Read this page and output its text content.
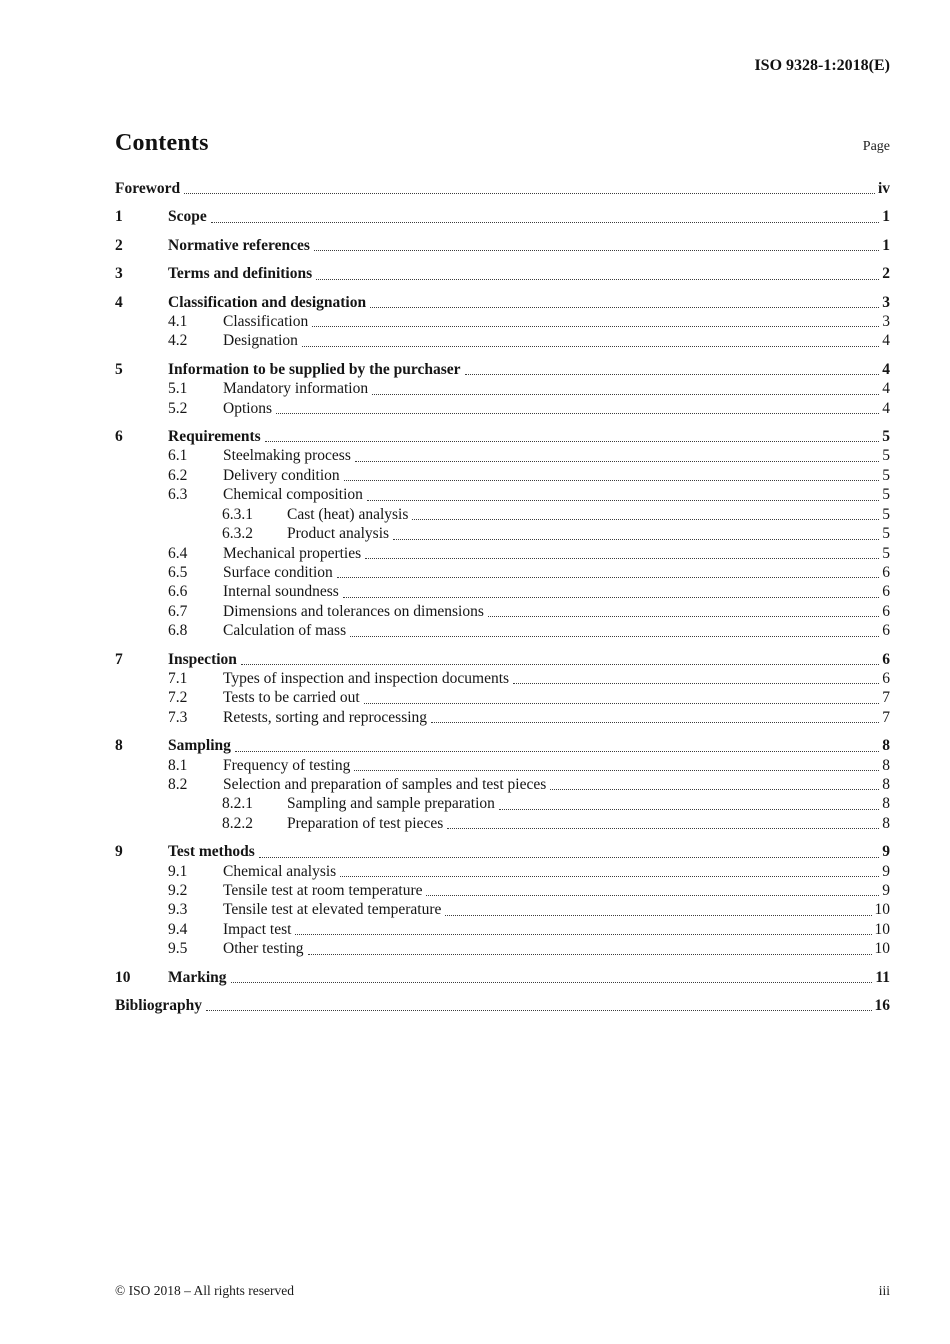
ISO 9328-1:2018(E)
Contents	Page
Foreword	iv
1	Scope	1
2	Normative references	1
3	Terms and definitions	2
4	Classification and designation	3
4.1	Classification	3
4.2	Designation	4
5	Information to be supplied by the purchaser	4
5.1	Mandatory information	4
5.2	Options	4
6	Requirements	5
6.1	Steelmaking process	5
6.2	Delivery condition	5
6.3	Chemical composition	5
6.3.1	Cast (heat) analysis	5
6.3.2	Product analysis	5
6.4	Mechanical properties	5
6.5	Surface condition	6
6.6	Internal soundness	6
6.7	Dimensions and tolerances on dimensions	6
6.8	Calculation of mass	6
7	Inspection	6
7.1	Types of inspection and inspection documents	6
7.2	Tests to be carried out	7
7.3	Retests, sorting and reprocessing	7
8	Sampling	8
8.1	Frequency of testing	8
8.2	Selection and preparation of samples and test pieces	8
8.2.1	Sampling and sample preparation	8
8.2.2	Preparation of test pieces	8
9	Test methods	9
9.1	Chemical analysis	9
9.2	Tensile test at room temperature	9
9.3	Tensile test at elevated temperature	10
9.4	Impact test	10
9.5	Other testing	10
10	Marking	11
Bibliography	16
© ISO 2018 – All rights reserved	iii
